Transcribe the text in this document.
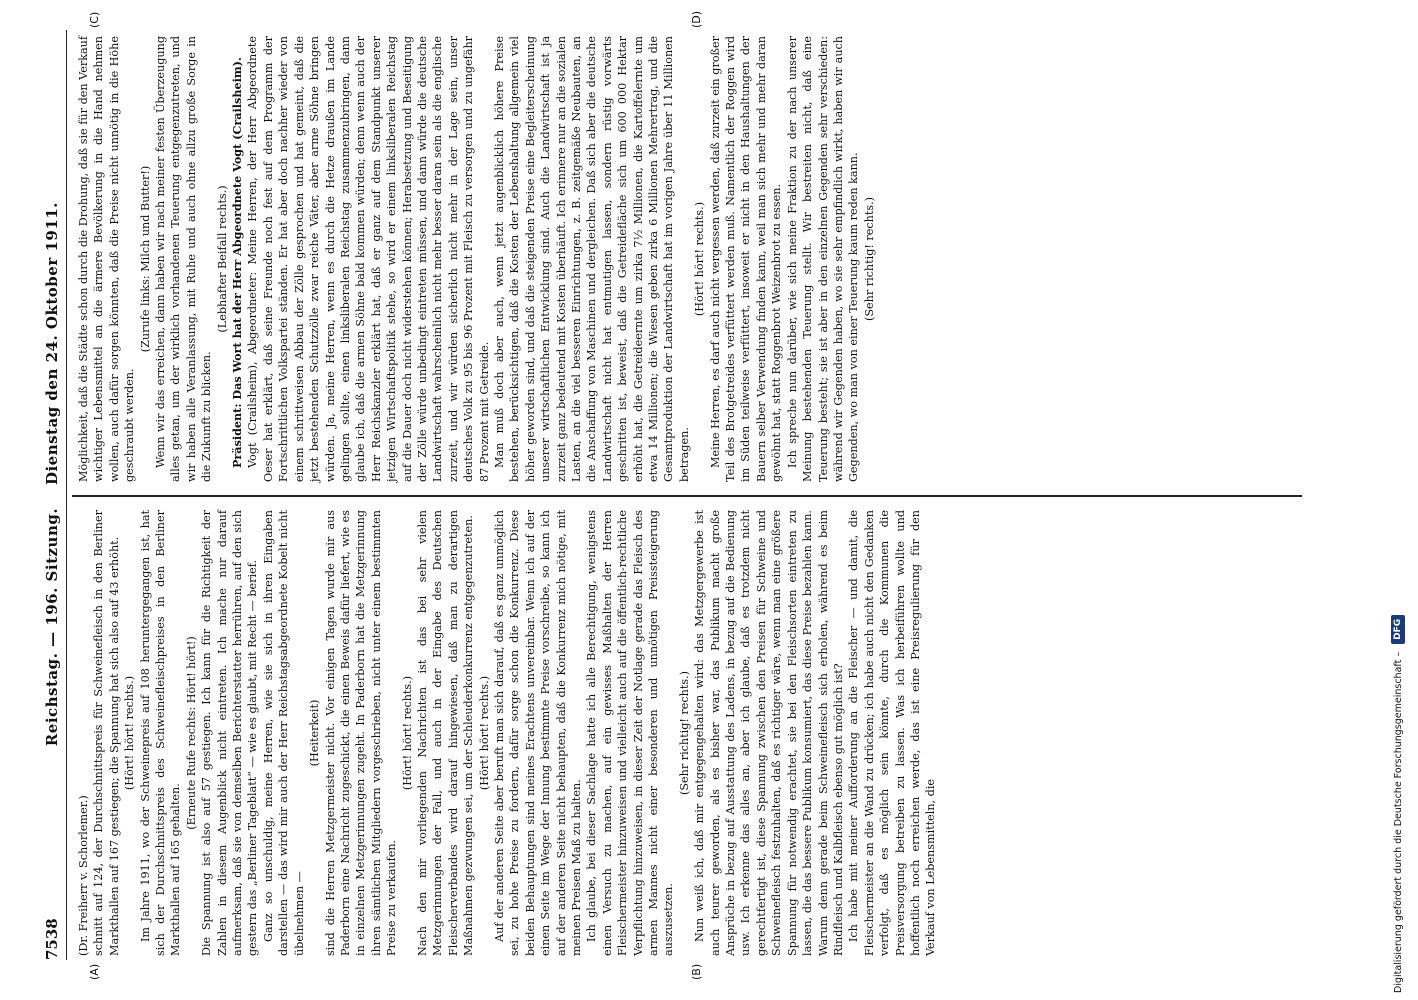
7538
Reichstag. — 196. Sitzung.    Dienstag den 24. Oktober 1911.
(A)	(B)
(C)	(D)

(Dr. Freiherr v. Schorlemer.) schnitt auf 124, der Durchschnittspreis für Schweinefleisch in den Berliner Markthallen auf 167 gestiegen; die Spannung hat sich also auf 43 erhöht. (Hört! hört! rechts.) Im Jahre 1911, wo der Schweinepreis auf 108 heruntergegangen ist, hat sich der Durchschnittspreis des Schweinefleischpreises in den Berliner Markthallen auf 165 gehalten.

(Erneute Rufe rechts: Hört! hört!) Die Spannung ist also auf 57 gestiegen. Ich kann für die Richtigkeit der Zahlen in diesem Augenblick nicht eintreten. Ich mache nur darauf aufmerksam, daß sie von demselben Berichterstatter herrühren, auf den sich gestern das „Berliner Tageblatt“ — wie es glaubt, mit Recht — berief. Ganz so unschuldig, meine Herren, wie sie sich in ihren Eingaben darstellen — das wird mir auch der Herr Reichstagsabgeordnete Kobelt nicht übelnehmen —

(Heiterkeit) sind die Herren Metzgermeister nicht. Vor einigen Tagen wurde mir aus Paderborn eine Nachricht zugeschickt, die einen Beweis dafür liefert, wie es in einzelnen Metzgerinnungen zugeht. In Paderborn hat die Metzgerinnung ihren sämtlichen Mitgliedern vorgeschrieben, nicht unter einem bestimmten Preise zu verkaufen.

(Hört! hört! rechts.) Nach den mir vorliegenden Nachrichten ist das bei sehr vielen Metzgerinnungen der Fall, und auch in der Eingabe des Deutschen Fleischerverbandes wird darauf hingewiesen, daß man zu derartigen Maßnahmen gezwungen sei, um der Schleuderkonkurrenz entgegenzutreten. (Hört! hört! rechts.) Auf der anderen Seite aber beruft man sich darauf, daß es ganz unmöglich sei, zu hohe Preise zu fordern, dafür sorge schon die Konkurrenz. Diese beiden Behauptungen sind meines Erachtens unvereinbar. Wenn ich auf der einen Seite im Wege der Innung bestimmte Preise vorschreibe, so kann ich auf der anderen Seite nicht behaupten, daß die Konkurrenz mich nötige, mit meinen Preisen Maß zu halten. Ich glaube, bei dieser Sachlage hatte ich alle Berechtigung, wenigstens einen Versuch zu machen, auf ein gewisses Maßhalten der Herren Fleischermeister hinzuweisen und vielleicht auch auf die öffentlich-rechtliche Verpflichtung hinzuweisen, in dieser Zeit der Notlage gerade das Fleisch des armen Mannes nicht einer besonderen und unnötigen Preissteigerung auszusetzen.

(Sehr richtig! rechts.) Nun weiß ich, daß mir entgegengehalten wird: das Metzgergewerbe ist auch teurer geworden, als es bisher war, das Publikum macht große Ansprüche in bezug auf Ausstattung des Ladens, in bezug auf die Bedienung usw. Ich erkenne das alles an, aber ich glaube, daß es trotzdem nicht gerechtfertigt ist, diese Spannung zwischen den Preisen für Schweine und Schweinefleisch festzuhalten, daß es richtiger wäre, wenn man eine größere Spannung für notwendig erachtet, sie bei den Fleischsorten eintreten zu lassen, die das bessere Publikum konsumiert, das diese Preise bezahlen kann. Warum denn gerade beim Schweinefleisch sich erholen, während es beim Rindfleisch und Kalbfleisch ebenso gut möglich ist? Ich habe mit meiner Aufforderung an die Fleischer — und damit, die Fleischermeister an die Wand zu drücken; ich habe auch nicht den Gedanken verfolgt, daß es möglich sein könnte, durch die Kommunen die Preisversorgung betreiben zu lassen. Was ich herbeiführen wollte und hoffentlich noch erreichen werde, das ist eine Preisregulierung für den Verkauf von Lebensmitteln, die

Möglichkeit, daß die Städte schon durch die Drohung, daß sie für den Verkauf wichtiger Lebensmittel an die ärmere Bevölkerung in die Hand nehmen wollen, auch dafür sorgen könnten, daß die Preise nicht unnötig in die Höhe geschraubt werden.

(Zurufe links: Milch und Butter!) Wenn wir das erreichen, dann haben wir nach meiner festen Überzeugung alles getan, um der wirklich vorhandenen Teuerung entgegenzutreten, und wir haben alle Veranlassung, mit Ruhe und auch ohne allzu große Sorge in die Zukunft zu blicken.

(Lebhafter Beifall rechts.) Präsident: Das Wort hat der Herr Abgeordnete Vogt (Crailsheim). Vogt (Crailsheim), Abgeordneter: Meine Herren, der Herr Abgeordnete Oeser hat erklärt, daß seine Freunde noch fest auf dem Programm der Fortschrittlichen Volkspartei ständen. Er hat aber doch nachher wieder von einem schrittweisen Abbau der Zölle gesprochen und hat gemeint, daß die jetzt bestehenden Schutzzölle zwar reiche Väter, aber arme Söhne bringen würden. Ja, meine Herren, wenn es durch die Hetze draußen im Lande gelingen sollte, einen linksliberalen Reichstag zusammenzubringen, dann glaube ich, daß die armen Söhne bald kommen würden; denn wenn auch der Herr Reichskanzler erklärt hat, daß er ganz auf dem Standpunkt unserer jetzigen Wirtschaftspolitik stehe, so wird er einem linksliberalen Reichstag auf die Dauer doch nicht widerstehen können; Herabsetzung und Beseitigung der Zölle würde unbedingt eintreten müssen, und dann würde die deutsche Landwirtschaft wahrscheinlich nicht mehr besser daran sein als die englische zurzeit, und wir würden sicherlich nicht mehr in der Lage sein, unser deutsches Volk zu 95 bis 96 Prozent mit Fleisch zu versorgen und zu ungefähr 87 Prozent mit Getreide. Man muß doch aber auch, wenn jetzt augenblicklich höhere Preise bestehen, berücksichtigen, daß die Kosten der Lebenshaltung allgemein viel höher geworden sind, und daß die steigenden Preise eine Begleiterscheinung unserer wirtschaftlichen Entwicklung sind. Auch die Landwirtschaft ist ja zurzeit ganz bedeutend mit Kosten überhäuft. Ich erinnere nur an die sozialen Lasten, an die viel besseren Einrichtungen, z. B. zeitgemäße Neubauten, an die Anschaffung von Maschinen und dergleichen. Daß sich aber die deutsche Landwirtschaft nicht hat entmutigen lassen, sondern rüstig vorwärts geschritten ist, beweist, daß die Getreidefläche sich um 600 000 Hektar erhöht hat, die Getreideernte um zirka 7½ Millionen, die Kartoffelernte um etwa 14 Millionen; die Wiesen geben zirka 6 Millionen Mehrertrag, und die Gesamtproduktion der Landwirtschaft hat im vorigen Jahre über 11 Millionen betragen.

(Hört! hört! rechts.) Meine Herren, es darf auch nicht vergessen werden, daß zurzeit ein großer Teil des Brotgetreides verfüttert werden muß. Namentlich der Roggen wird im Süden teilweise verfüttert, insoweit er nicht in den Haushaltungen der Bauern selber Verwendung finden kann, weil man sich mehr und mehr daran gewöhnt hat, statt Roggenbrot Weizenbrot zu essen. Ich spreche nun darüber, wie sich meine Fraktion zu der nach unserer Meinung bestehenden Teuerung stellt. Wir bestreiten nicht, daß eine Teuerung besteht; sie ist aber in den einzelnen Gegenden sehr verschieden: während wir Gegenden haben, wo sie sehr empfindlich wirkt, haben wir auch Gegenden, wo man von einer Teuerung kaum reden kann. (Sehr richtig! rechts.)

Digitalisierung gefördert durch die Deutsche Forschungsgemeinschaft –
DFG
